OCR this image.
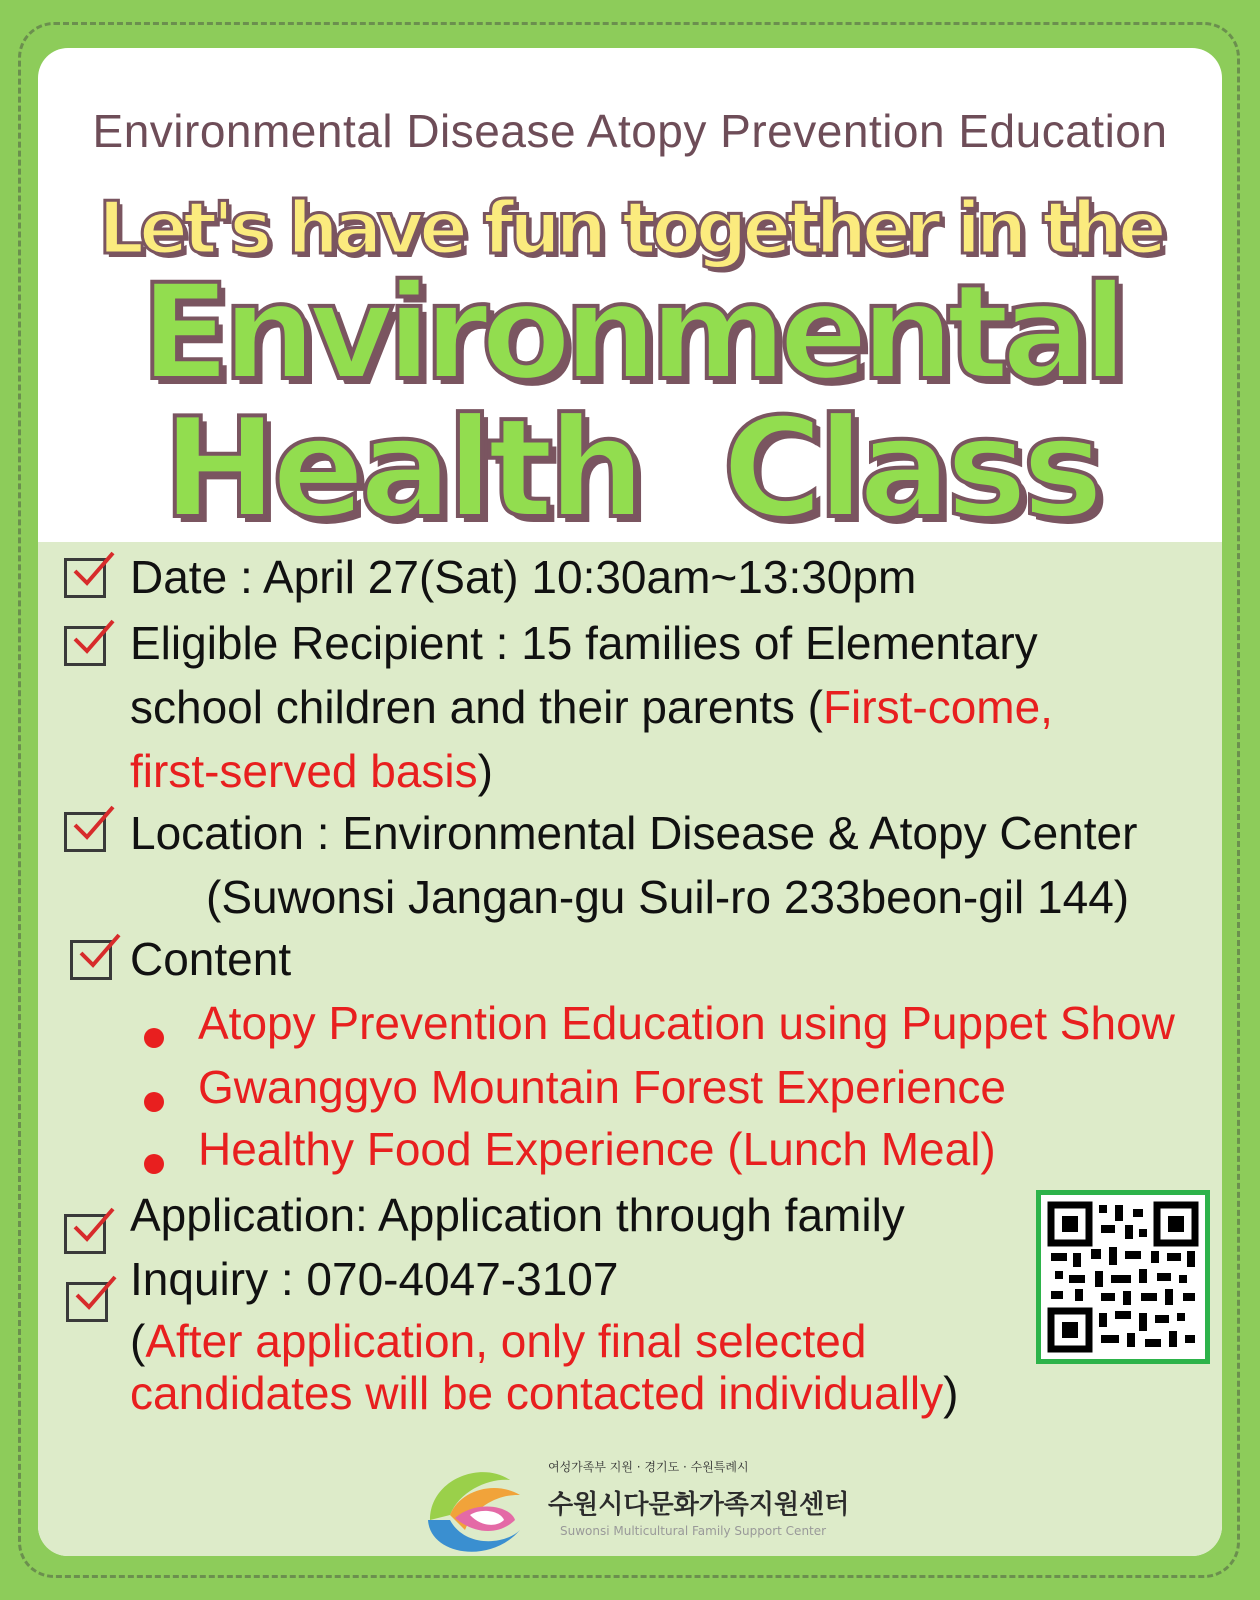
Environmental Disease Atopy Prevention Education
Let's have fun together in the
Environmental
Health Class
Date : April 27(Sat) 10:30am~13:30pm
Eligible Recipient : 15 families of Elementary
school children and their parents (First-come,
first-served basis)
Location : Environmental Disease & Atopy Center
(Suwonsi Jangan-gu Suil-ro 233beon-gil 144)
Content
Atopy Prevention Education using Puppet Show
Gwanggyo Mountain Forest Experience
Healthy Food Experience (Lunch Meal)
Application: Application through family
Inquiry : 070-4047-3107
(After application, only final selected
candidates will be contacted individually)
여성가족부 지원 · 경기도 · 수원특례시
수원시다문화가족지원센터
Suwonsi Multicultural Family Support Center
